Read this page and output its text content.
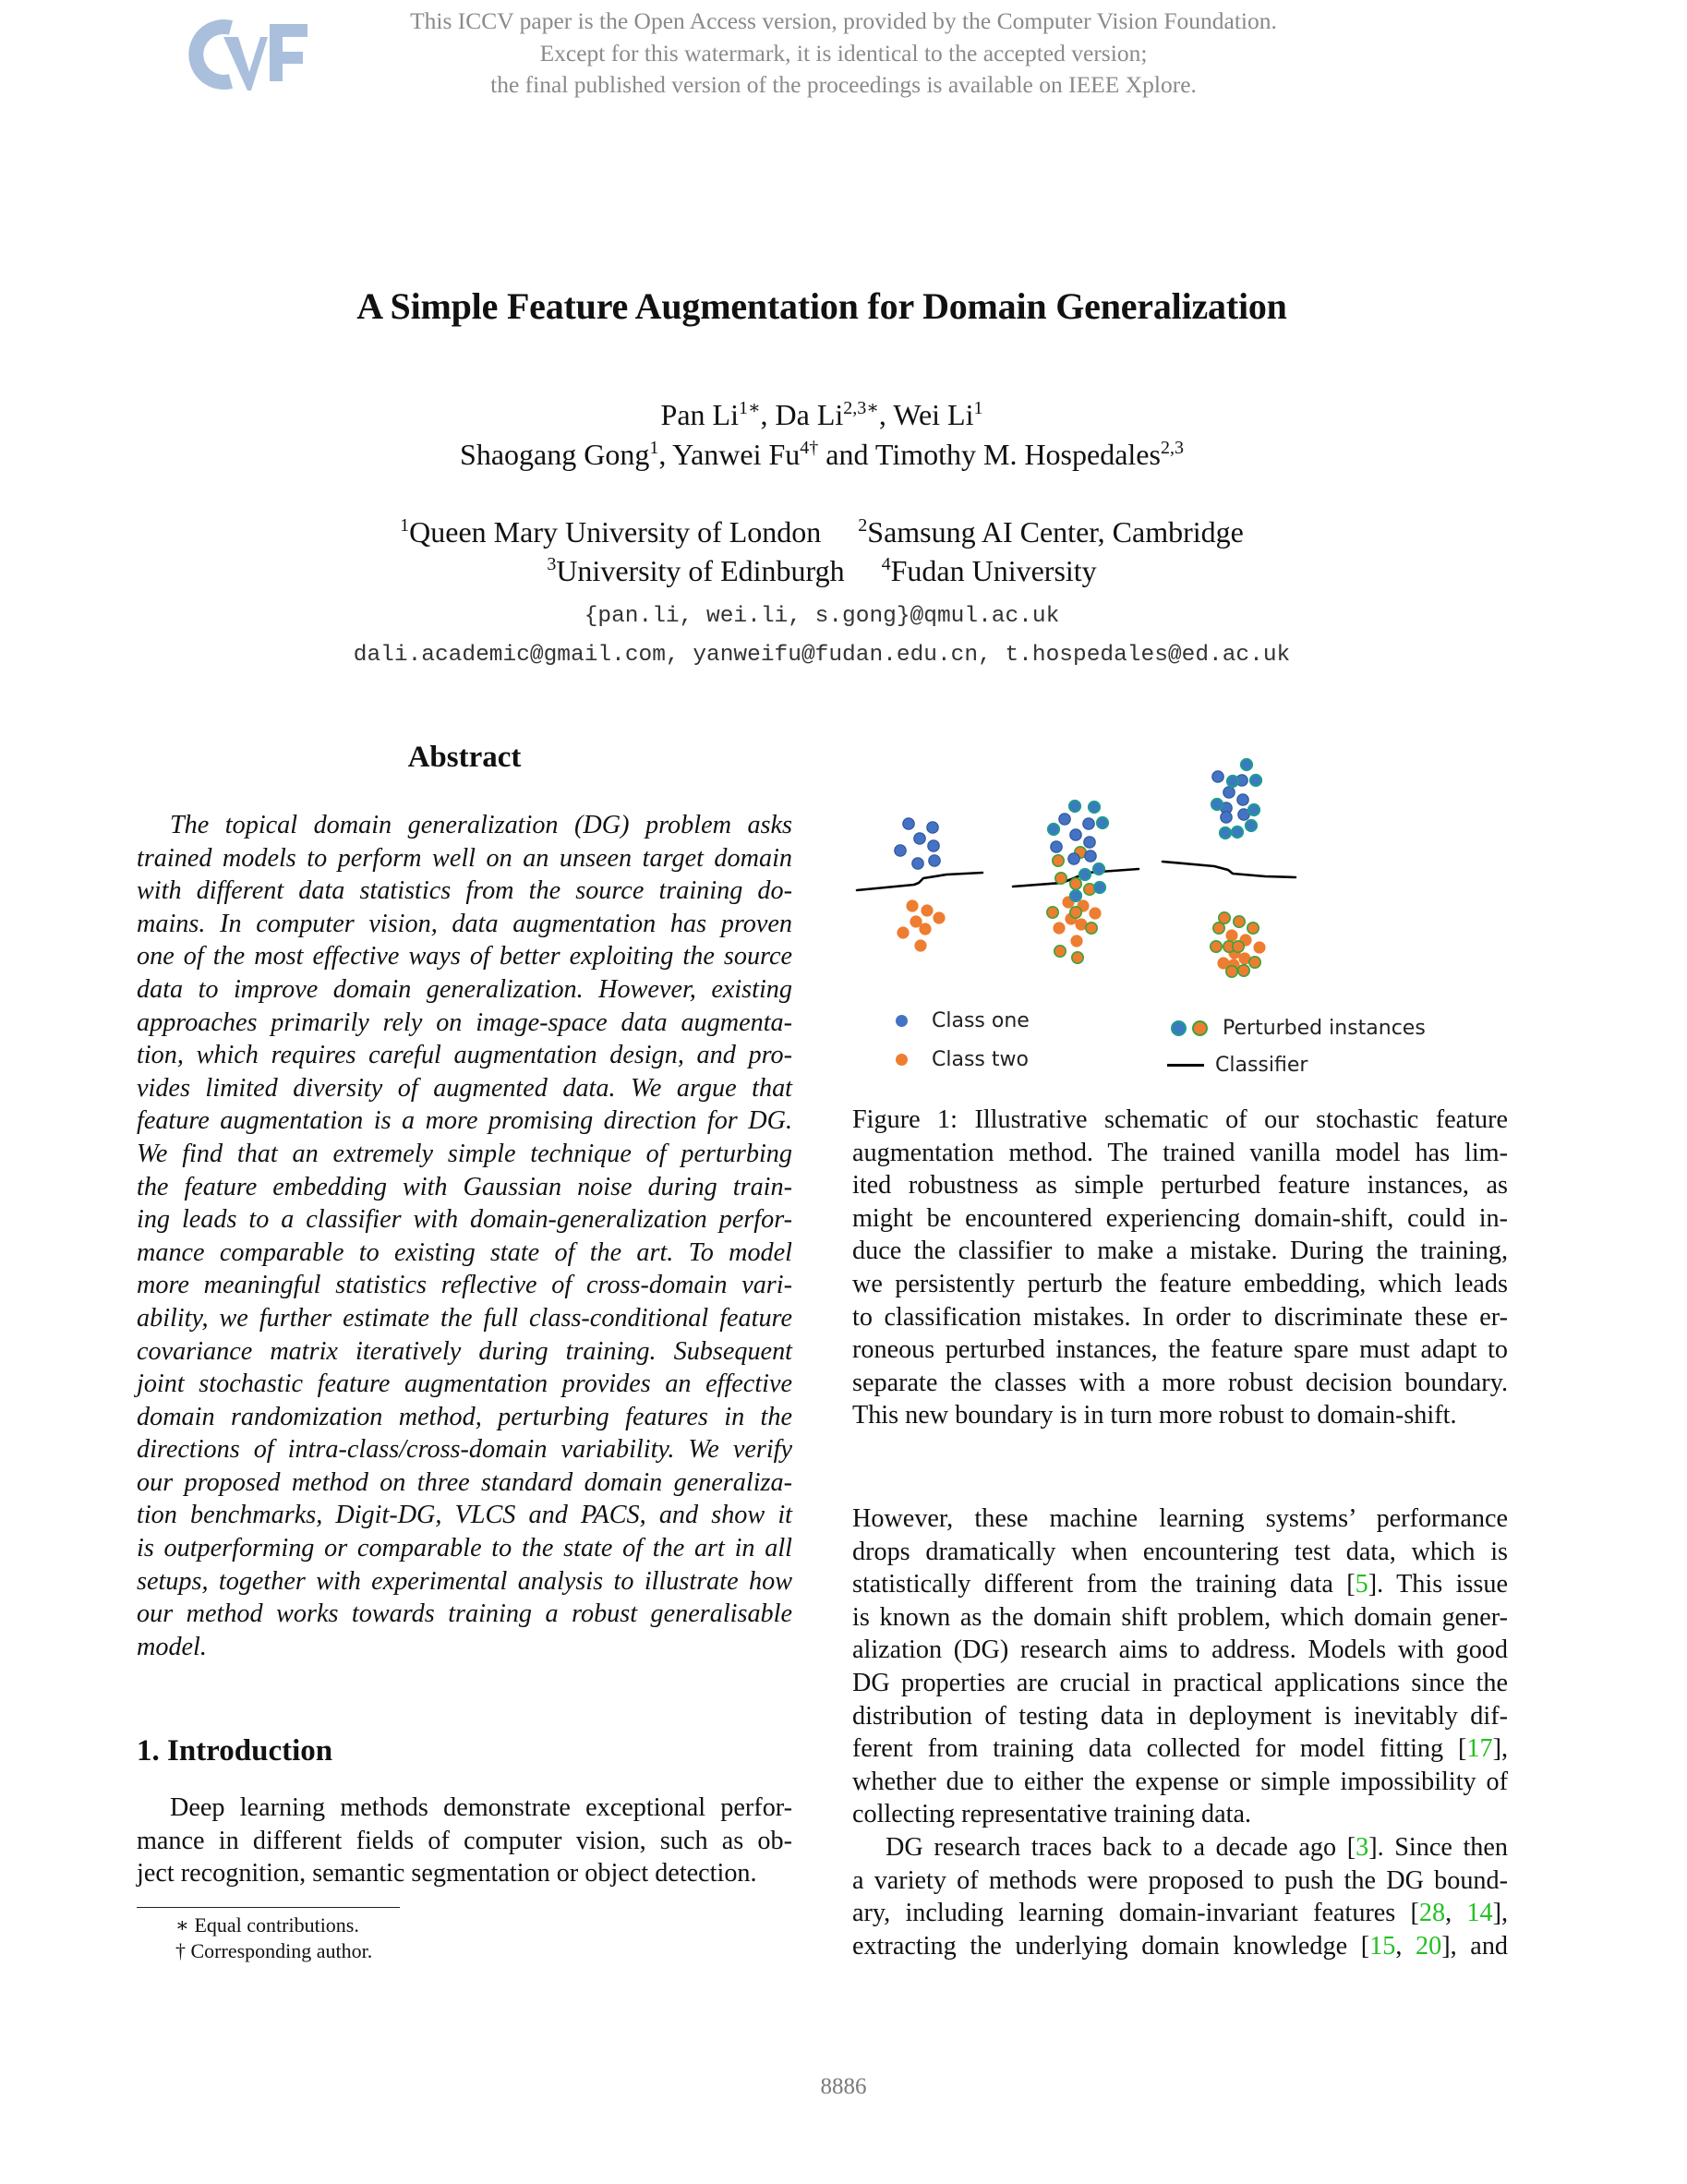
This ICCV paper is the Open Access version, provided by the Computer Vision Foundation.
Except for this watermark, it is identical to the accepted version;
the final published version of the proceedings is available on IEEE Xplore.
A Simple Feature Augmentation for Domain Generalization
Pan $Li^{1∗}$, Da $Li^{2,3∗}$, Wei Li$^1$
Shaogang Gong$^1$, Yanwei $Fu^{4\dagger}$ and Timothy M. Hospedales$^{2,3}$
$^1$Queen Mary University of London $^2$Samsung AI Center, Cambridge
$^3$University of Edinburgh $^4$Fudan University
{pan.li, wei.li, s.gong}@qmul.ac.uk
dali.academic@gmail.com, yanweifu@fudan.edu.cn, t.hospedales@ed.ac.uk
Abstract
The topical domain generalization (DG) problem asks
trained models to perform well on an unseen target domain
with different data statistics from the source training do-
mains. In computer vision, data augmentation has proven
one of the most effective ways of better exploiting the source
data to improve domain generalization. However, existing
approaches primarily rely on image-space data augmenta-
tion, which requires careful augmentation design, and pro-
vides limited diversity of augmented data. We argue that
feature augmentation is a more promising direction for DG.
We find that an extremely simple technique of perturbing
the feature embedding with Gaussian noise during train-
ing leads to a classifier with domain-generalization perfor-
mance comparable to existing state of the art. To model
more meaningful statistics reflective of cross-domain vari-
ability, we further estimate the full class-conditional feature
covariance matrix iteratively during training. Subsequent
joint stochastic feature augmentation provides an effective
domain randomization method, perturbing features in the
directions of intra-class/cross-domain variability. We verify
our proposed method on three standard domain generaliza-
tion benchmarks, Digit-DG, VLCS and PACS, and show it
is outperforming or comparable to the state of the art in all
setups, together with experimental analysis to illustrate how
our method works towards training a robust generalisable
model.
1. Introduction
Deep learning methods demonstrate exceptional perfor-
mance in different fields of computer vision, such as ob-
ject recognition, semantic segmentation or object detection.
∗ Equal contributions.
† Corresponding author.
Class one
Class two
Perturbed instances
Classifier
Figure 1: Illustrative schematic of our stochastic feature
augmentation method. The trained vanilla model has lim-
ited robustness as simple perturbed feature instances, as
might be encountered experiencing domain-shift, could in-
duce the classifier to make a mistake. During the training,
we persistently perturb the feature embedding, which leads
to classification mistakes. In order to discriminate these er-
roneous perturbed instances, the feature spare must adapt to
separate the classes with a more robust decision boundary.
This new boundary is in turn more robust to domain-shift.
However, these machine learning systems’ performance
drops dramatically when encountering test data, which is
statistically different from the training data [5]. This issue
is known as the domain shift problem, which domain gener-
alization (DG) research aims to address. Models with good
DG properties are crucial in practical applications since the
distribution of testing data in deployment is inevitably dif-
ferent from training data collected for model fitting [17],
whether due to either the expense or simple impossibility of
collecting representative training data.
DG research traces back to a decade ago [3]. Since then
a variety of methods were proposed to push the DG bound-
ary, including learning domain-invariant features [28, 14],
extracting the underlying domain knowledge [15, 20], and
8886
